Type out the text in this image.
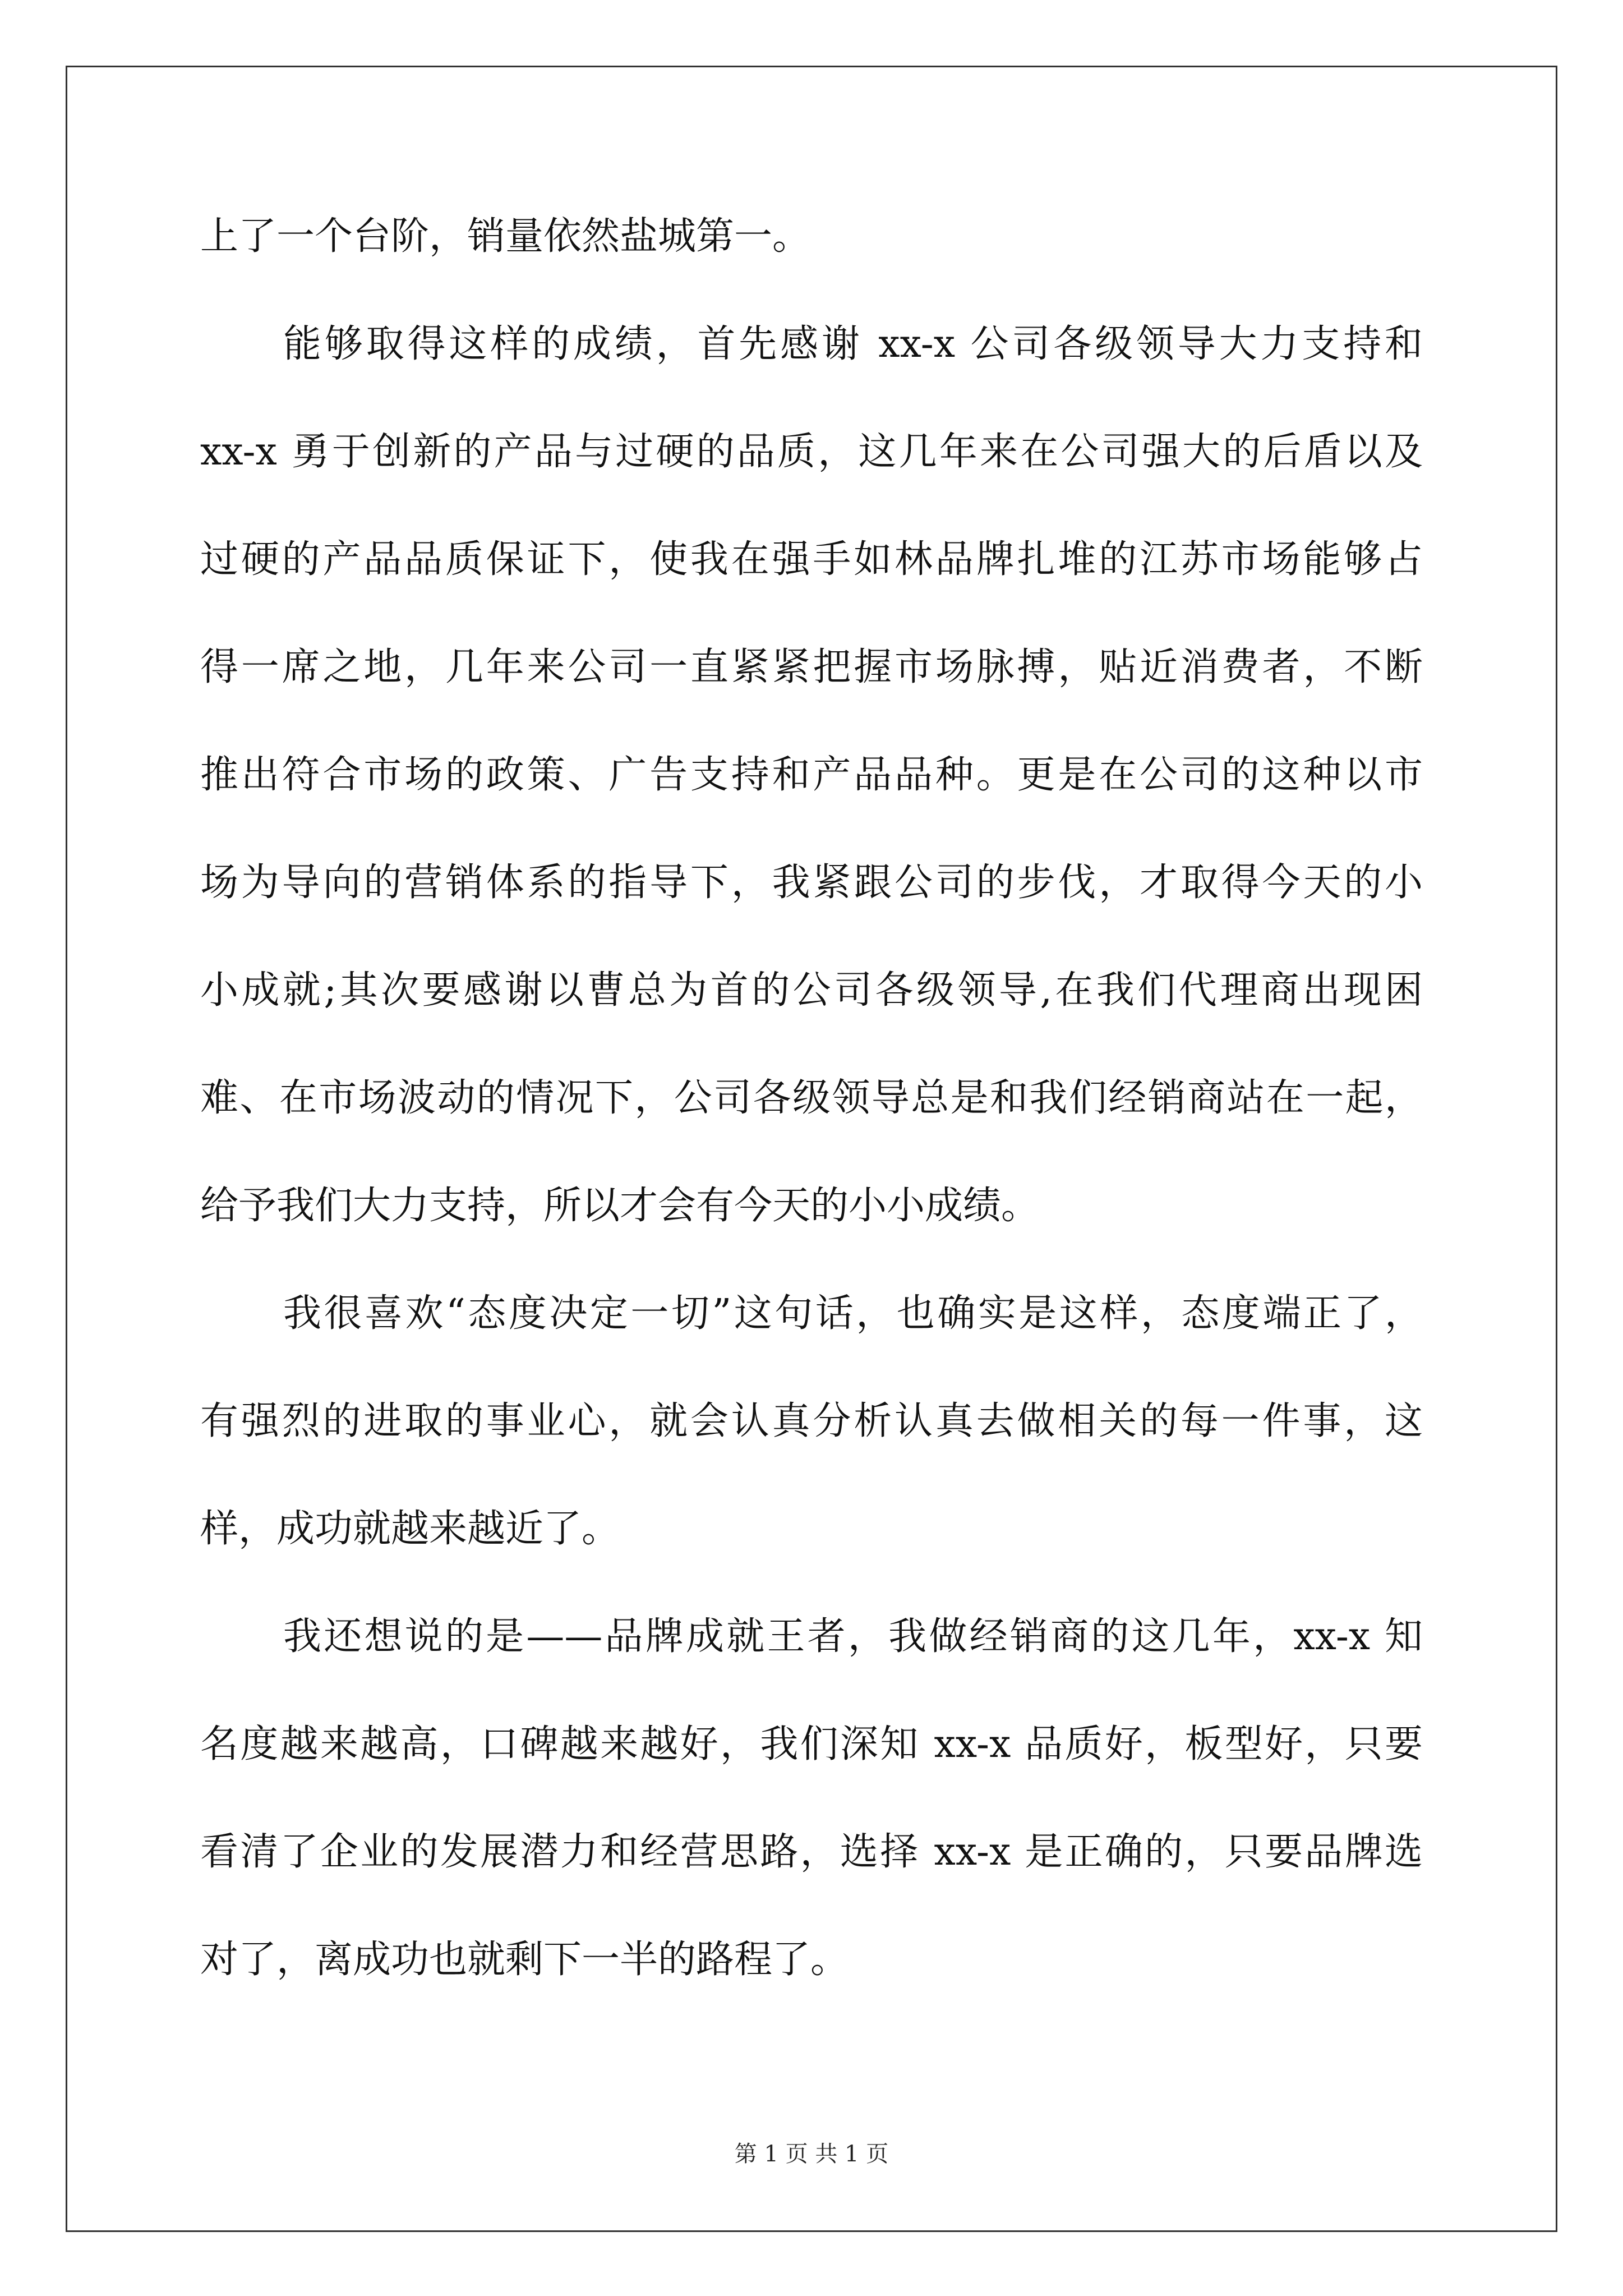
上了一个台阶，销量依然盐城第一。
能够取得这样的成绩，首先感谢 xx-x 公司各级领导大力支持和
xx-x 勇于创新的产品与过硬的品质，这几年来在公司强大的后盾以及
过硬的产品品质保证下，使我在强手如林品牌扎堆的江苏市场能够占
得一席之地，几年来公司一直紧紧把握市场脉搏，贴近消费者，不断
推出符合市场的政策、广告支持和产品品种。更是在公司的这种以市
场为导向的营销体系的指导下，我紧跟公司的步伐，才取得今天的小
小成就;其次要感谢以曹总为首的公司各级领导,在我们代理商出现困
难、在市场波动的情况下，公司各级领导总是和我们经销商站在一起，
给予我们大力支持，所以才会有今天的小小成绩。
我很喜欢“态度决定一切”这句话，也确实是这样，态度端正了，
有强烈的进取的事业心，就会认真分析认真去做相关的每一件事，这
样，成功就越来越近了。
我还想说的是——品牌成就王者，我做经销商的这几年，xx-x 知
名度越来越高，口碑越来越好，我们深知 xx-x 品质好，板型好，只要
看清了企业的发展潜力和经营思路，选择 xx-x 是正确的，只要品牌选
对了，离成功也就剩下一半的路程了。
第 1 页 共 1 页
